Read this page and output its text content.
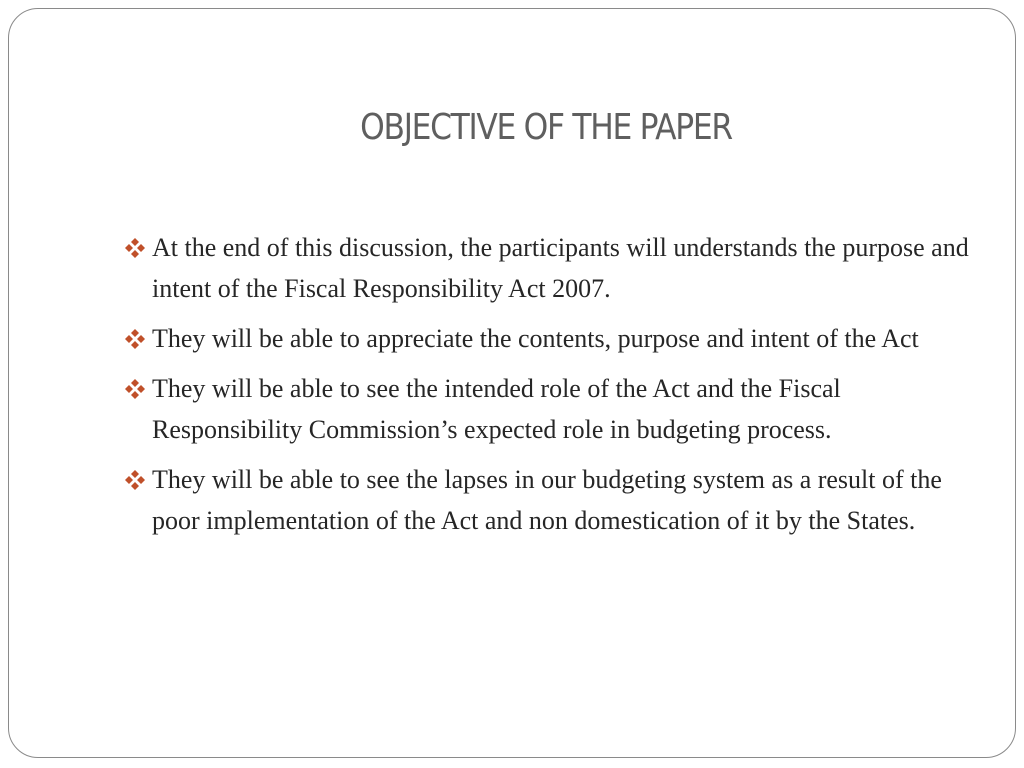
OBJECTIVE OF THE PAPER
At the end of this discussion, the participants will understands the purpose and intent of the Fiscal Responsibility Act 2007.
They will be able to appreciate the contents, purpose and intent of the Act
They will be able to see the intended role of the Act and the Fiscal Responsibility Commission’s expected role in budgeting process.
They will be able to see the lapses in our budgeting system as a result of the poor implementation of the Act and non domestication of it by the States.
